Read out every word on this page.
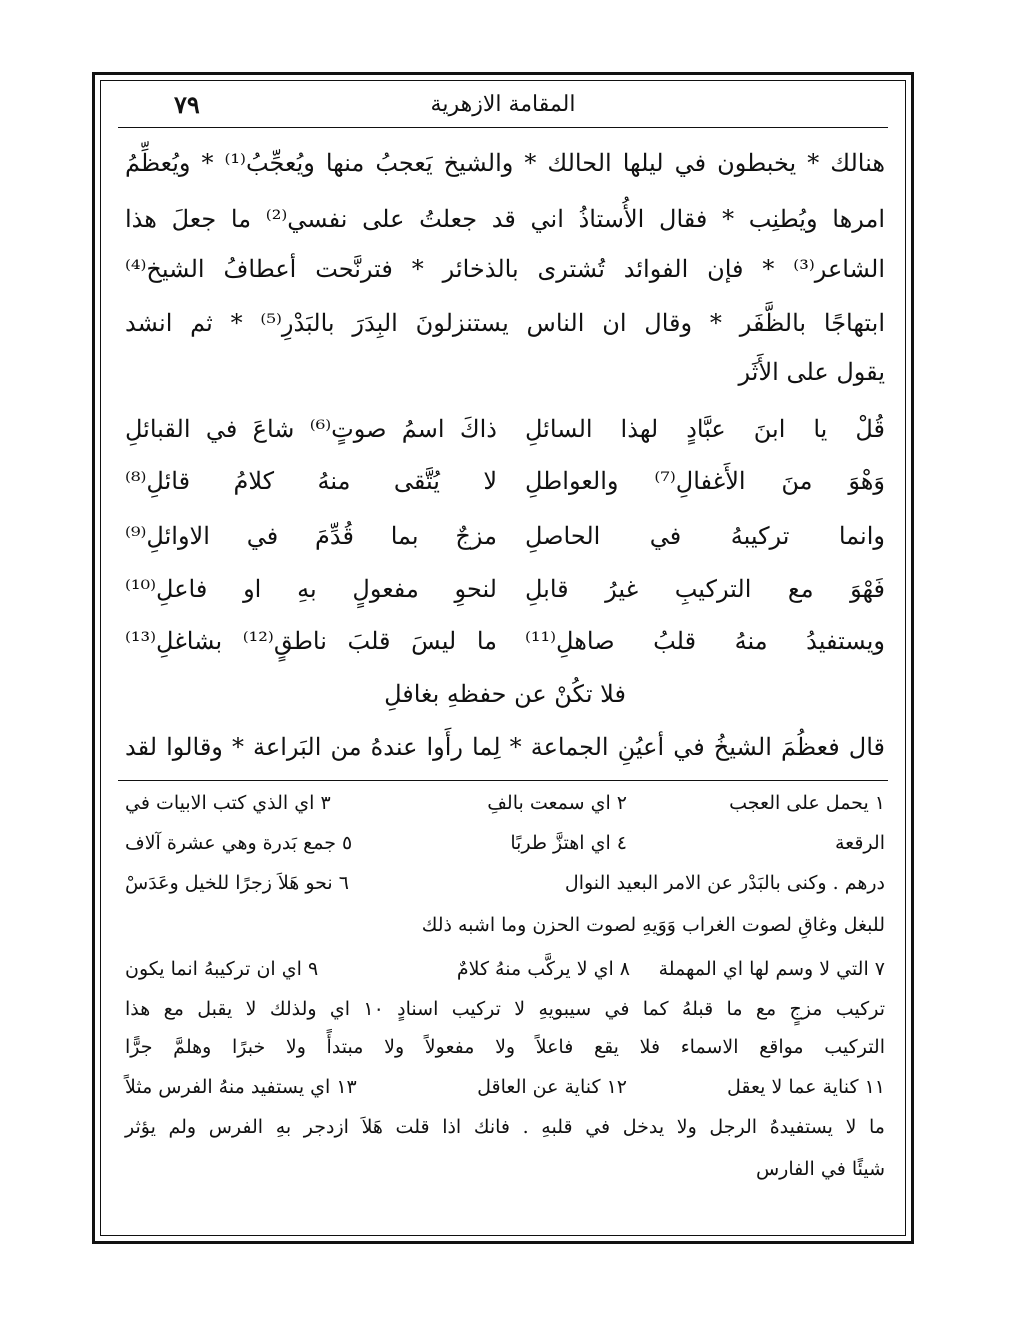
المقامة الازهرية
٧٩
هنالك * يخبطون في ليلها الحالك * والشيخ يَعجبُ منها ويُعجِّبُ⁽¹⁾ * ويُعظِّمُ
امرها ويُطنِب * فقال الأُستاذُ اني قد جعلتُ على نفسي⁽²⁾ ما جعلَ هذا
الشاعر⁽³⁾ * فإن الفوائد تُشترى بالذخائر * فترنَّحت أعطافُ الشيخ⁽⁴⁾
ابتهاجًا بالظَّفَر * وقال ان الناس يستنزلونَ البِدَرَ بالبَدْرِ⁽⁵⁾ * ثم انشد
يقول على الأَثَر
قُلْ يا ابنَ عبَّادٍ لهذا السائلِ
ذاكَ اسمُ صوتٍ⁽⁶⁾ شاعَ في القبائلِ
وَهْوَ منَ الأَغفالِ⁽⁷⁾ والعواطلِ
لا يُتَّقى منهُ كلامُ قائلِ⁽⁸⁾
وانما تركيبهُ في الحاصلِ
مزجٌ بما قُدِّمَ في الاوائلِ⁽⁹⁾
فَهْوَ مع التركيبِ غيرُ قابلِ
لنحوِ مفعولٍ بهِ او فاعلِ⁽¹⁰⁾
ويستفيدُ منهُ قلبُ صاهلِ⁽¹¹⁾
ما ليسَ قلبَ ناطقٍ⁽¹²⁾ بشاغلِ⁽¹³⁾
فلا تكُنْ عن حفظهِ بغافلِ
قال فعظُمَ الشيخُ في أعيُنِ الجماعة * لِما رأَوا عندهُ من البَراعة * وقالوا لقد
١ يحمل على العجب
٢ اي سمعت بالفِ
٣ اي الذي كتب الابيات في
الرقعة
٤ اي اهتزَّ طربًا
٥ جمع بَدرة وهي عشرة آلاف
درهم . وكنى بالبَدْر عن الامر البعيد النوال
٦ نحو هَلاَ زجرًا للخيل وعَدَسْ
للبغل وغاقِ لصوت الغراب وَوَيهِ لصوت الحزن وما اشبه ذلك
٧ التي لا وسم لها اي المهملة
٨ اي لا يركَّب منهُ كلامٌ
٩ اي ان تركيبهُ انما يكون
تركيب مزجٍ مع ما قبلهُ كما في سيبويهِ لا تركيب اسنادٍ ١٠ اي ولذلك لا يقبل مع هذا
التركيب مواقع الاسماء فلا يقع فاعلاً ولا مفعولاً ولا مبتدأً ولا خبرًا وهلمَّ جرًّا
١١ كناية عما لا يعقل
١٢ كناية عن العاقل
١٣ اي يستفيد منهُ الفرس مثلاً
ما لا يستفيدهُ الرجل ولا يدخل في قلبهِ . فانك اذا قلت هَلاَ ازدجر بهِ الفرس ولم يؤثر
شيئًا في الفارس
